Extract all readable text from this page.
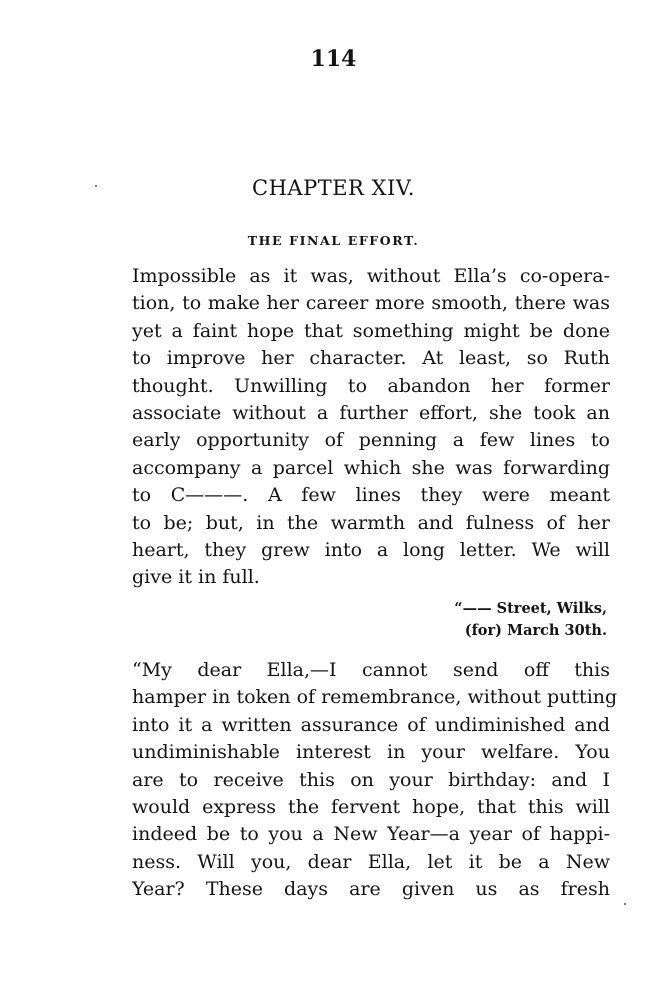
114
CHAPTER XIV.
THE FINAL EFFORT.
Impossible as it was, without Ella’s co-opera-
tion, to make her career more smooth, there was
yet a faint hope that something might be done
to improve her character. At least, so Ruth
thought. Unwilling to abandon her former
associate without a further effort, she took an
early opportunity of penning a few lines to
accompany a parcel which she was forwarding
to C———. A few lines they were meant
to be; but, in the warmth and fulness of her
heart, they grew into a long letter. We will
give it in full.
“—— Street, Wilks,
(for) March 30th.
“My dear Ella,—I cannot send off this
hamper in token of remembrance, without putting
into it a written assurance of undiminished and
undiminishable interest in your welfare. You
are to receive this on your birthday: and I
would express the fervent hope, that this will
indeed be to you a New Year—a year of happi-
ness. Will you, dear Ella, let it be a New
Year? These days are given us as fresh
